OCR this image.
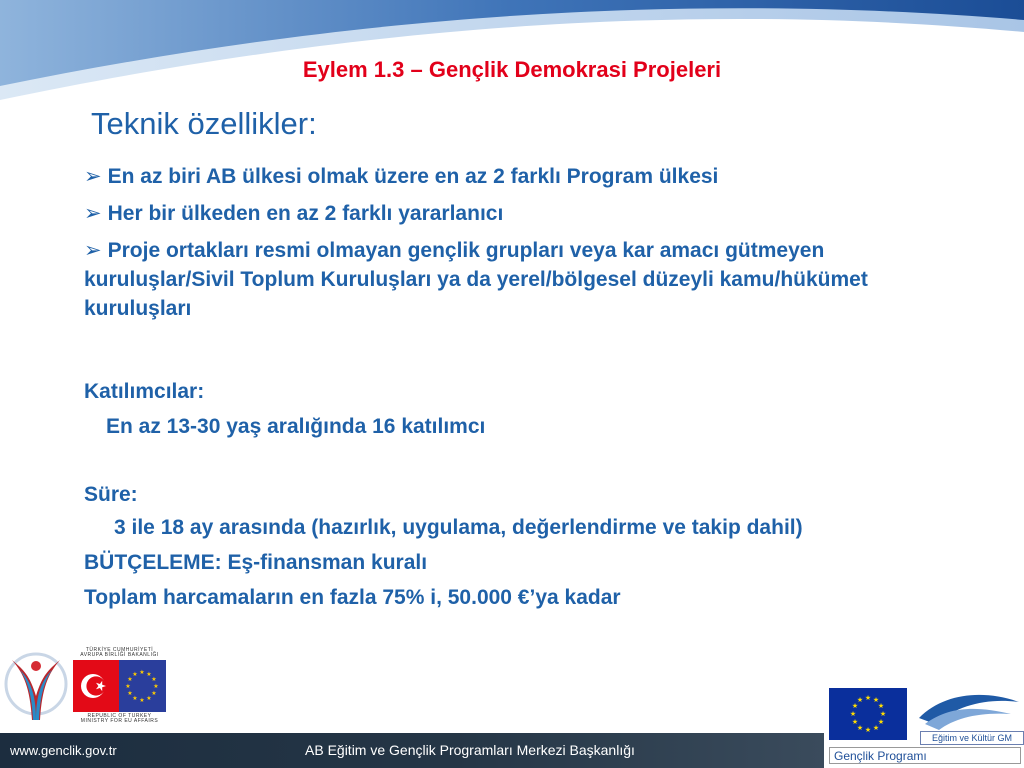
Eylem 1.3 – Gençlik Demokrasi Projeleri
Teknik özellikler:

➢ En az biri AB ülkesi olmak üzere en az 2 farklı Program ülkesi

➢ Her bir ülkeden en az 2 farklı yararlanıcı

➢ Proje ortakları resmi olmayan gençlik grupları veya kar amacı gütmeyen kuruluşlar/Sivil Toplum Kuruluşları ya da yerel/bölgesel düzeyli kamu/hükümet kuruluşları

Katılımcılar:

En az 13-30 yaş aralığında 16 katılımcı

Süre:

3 ile 18 ay arasında (hazırlık, uygulama, değerlendirme ve takip dahil)

BÜTÇELEME: Eş-finansman kuralı

Toplam harcamaların en fazla 75% i, 50.000 €’ya kadar

TÜRKİYE CUMHURİYETİ
AVRUPA BİRLİĞİ BAKANLIĞI
★ ★
★
★
★
★
★
★
★
★
★
★
REPUBLIC OF TURKEY
MINISTRY FOR EU AFFAIRS
★ ★
★
★
★
★
★
★
★
★
★
★
Eğitim ve Kültür GM
Gençlik Programı
www.genclik.gov.tr	AB Eğitim ve Gençlik Programları Merkezi Başkanlığı
